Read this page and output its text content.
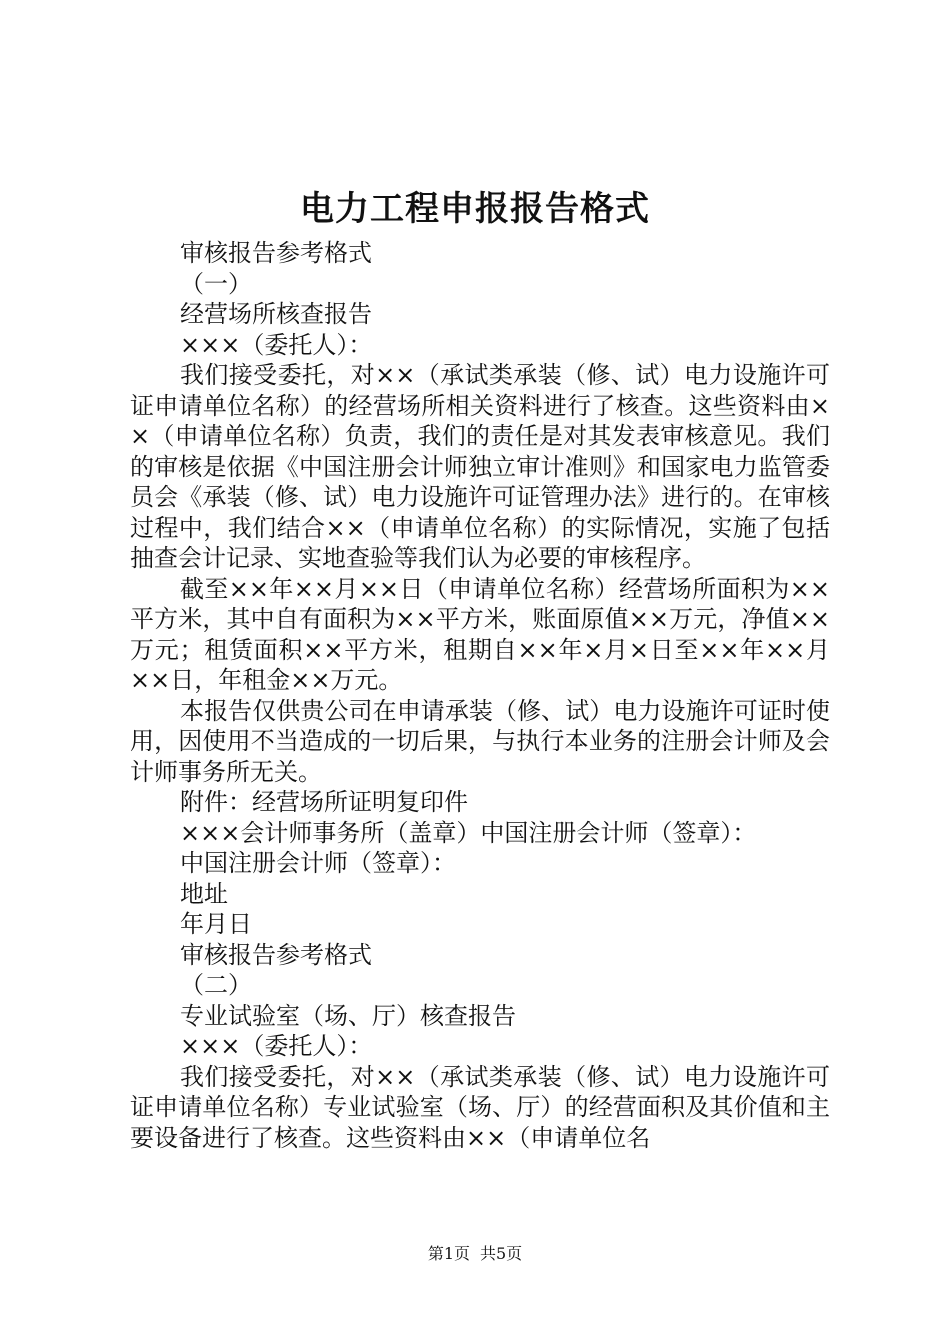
电力工程申报报告格式

审核报告参考格式

（一）

经营场所核查报告

×××（委托人）：

我们接受委托，对××（承试类承装（修、试）电力设施许可证申请单位名称）的经营场所相关资料进行了核查。这些资料由××（申请单位名称）负责，我们的责任是对其发表审核意见。我们的审核是依据《中国注册会计师独立审计准则》和国家电力监管委员会《承装（修、试）电力设施许可证管理办法》进行的。在审核过程中，我们结合××（申请单位名称）的实际情况，实施了包括抽查会计记录、实地查验等我们认为必要的审核程序。

截至××年××月××日（申请单位名称）经营场所面积为××平方米，其中自有面积为××平方米，账面原值××万元，净值××万元；租赁面积××平方米，租期自××年×月×日至××年××月××日，年租金××万元。

本报告仅供贵公司在申请承装（修、试）电力设施许可证时使用，因使用不当造成的一切后果，与执行本业务的注册会计师及会计师事务所无关。

附件：经营场所证明复印件

×××会计师事务所（盖章）中国注册会计师（签章）：

中国注册会计师（签章）：

地址

年月日

审核报告参考格式

（二）

专业试验室（场、厅）核查报告

×××（委托人）：

我们接受委托，对××（承试类承装（修、试）电力设施许可证申请单位名称）专业试验室（场、厅）的经营面积及其价值和主要设备进行了核查。这些资料由××（申请单位名

第1页 共5页
